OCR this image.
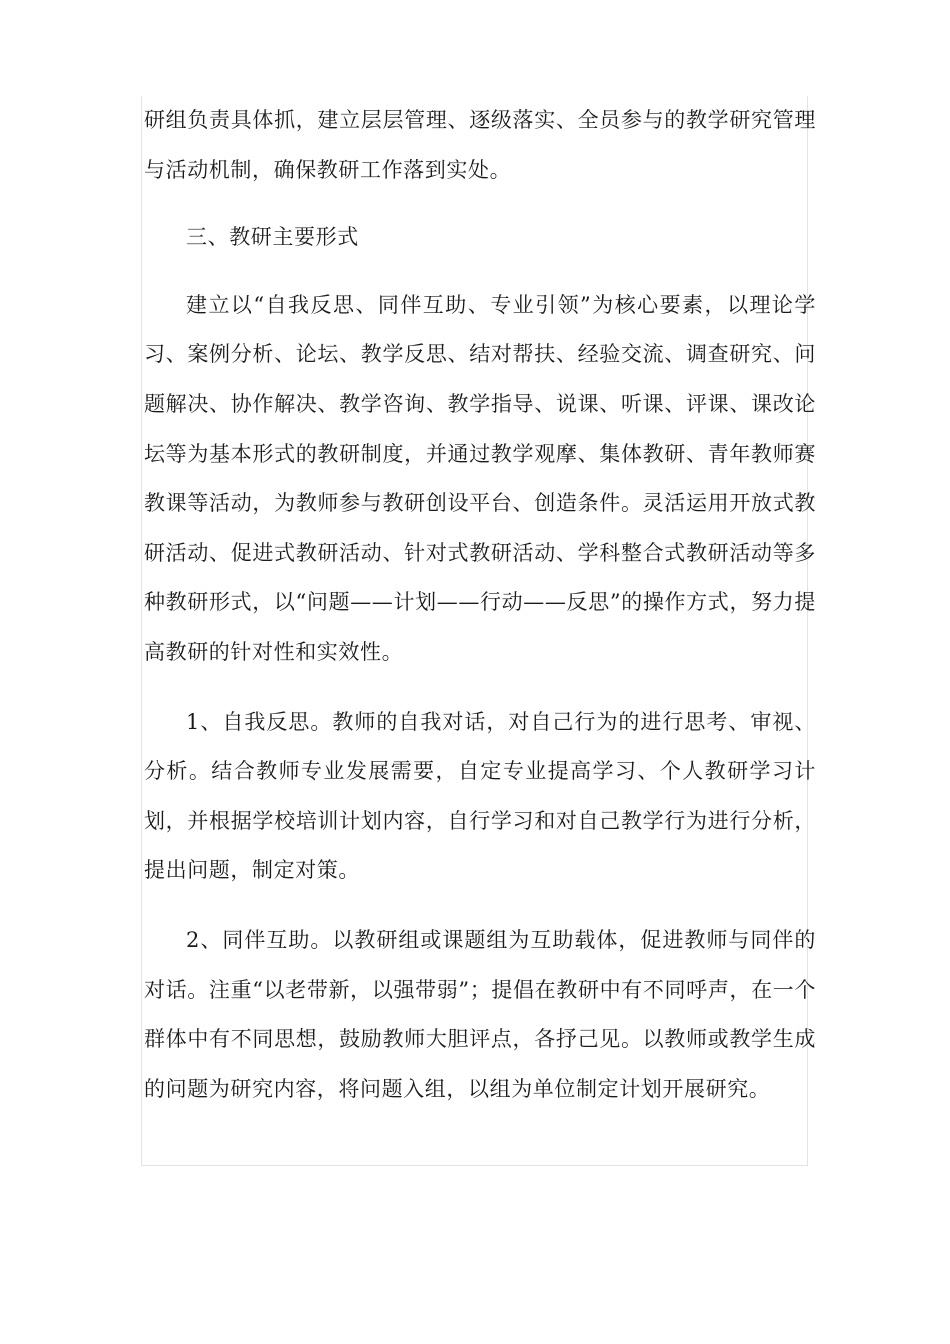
研组负责具体抓，建立层层管理、逐级落实、全员参与的教学研究管理与活动机制，确保教研工作落到实处。

三、教研主要形式

建立以“自我反思、同伴互助、专业引领”为核心要素，以理论学习、案例分析、论坛、教学反思、结对帮扶、经验交流、调查研究、问题解决、协作解决、教学咨询、教学指导、说课、听课、评课、课改论坛等为基本形式的教研制度，并通过教学观摩、集体教研、青年教师赛教课等活动，为教师参与教研创设平台、创造条件。灵活运用开放式教研活动、促进式教研活动、针对式教研活动、学科整合式教研活动等多种教研形式，以“问题——计划——行动——反思”的操作方式，努力提高教研的针对性和实效性。

1、自我反思。教师的自我对话，对自己行为的进行思考、审视、分析。结合教师专业发展需要，自定专业提高学习、个人教研学习计划，并根据学校培训计划内容，自行学习和对自己教学行为进行分析，提出问题，制定对策。

2、同伴互助。以教研组或课题组为互助载体，促进教师与同伴的对话。注重“以老带新，以强带弱”；提倡在教研中有不同呼声，在一个群体中有不同思想，鼓励教师大胆评点，各抒己见。以教师或教学生成的问题为研究内容，将问题入组，以组为单位制定计划开展研究。
